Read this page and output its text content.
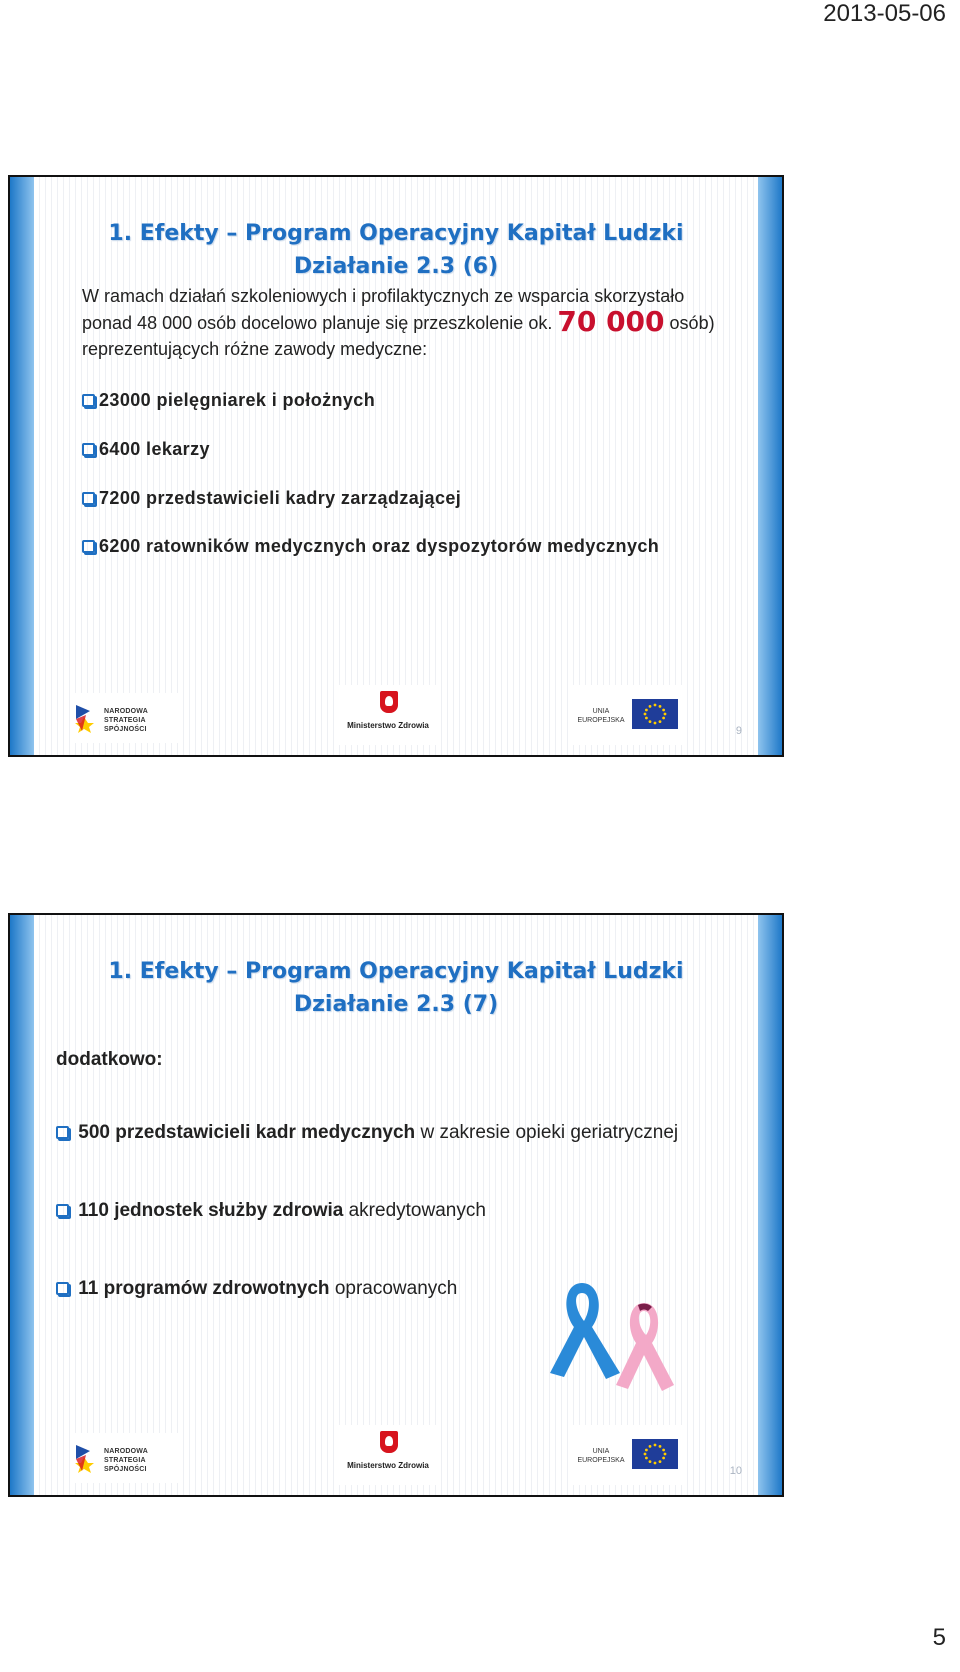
2013-05-06
1. Efekty – Program Operacyjny Kapitał Ludzki
Działanie 2.3 (6)
W ramach działań szkoleniowych i profilaktycznych ze wsparcia skorzystało ponad 48 000 osób docelowo planuje się przeszkolenie ok. 70 000 osób) reprezentujących różne zawody medyczne:
23000 pielęgniarek i położnych
6400 lekarzy
7200 przedstawicieli kadry zarządzającej
6200 ratowników medycznych oraz dyspozytorów medycznych
NARODOWA
STRATEGIA SPÓJNOŚCI	Ministerstwo Zdrowia
UNIA
EUROPEJSKA
9
1. Efekty – Program Operacyjny Kapitał Ludzki
Działanie 2.3 (7)
dodatkowo:
500 przedstawicieli kadr medycznych w zakresie opieki geriatrycznej
110 jednostek służby zdrowia akredytowanych
11 programów zdrowotnych opracowanych
NARODOWA
STRATEGIA SPÓJNOŚCI	Ministerstwo Zdrowia
UNIA
EUROPEJSKA
10
5
